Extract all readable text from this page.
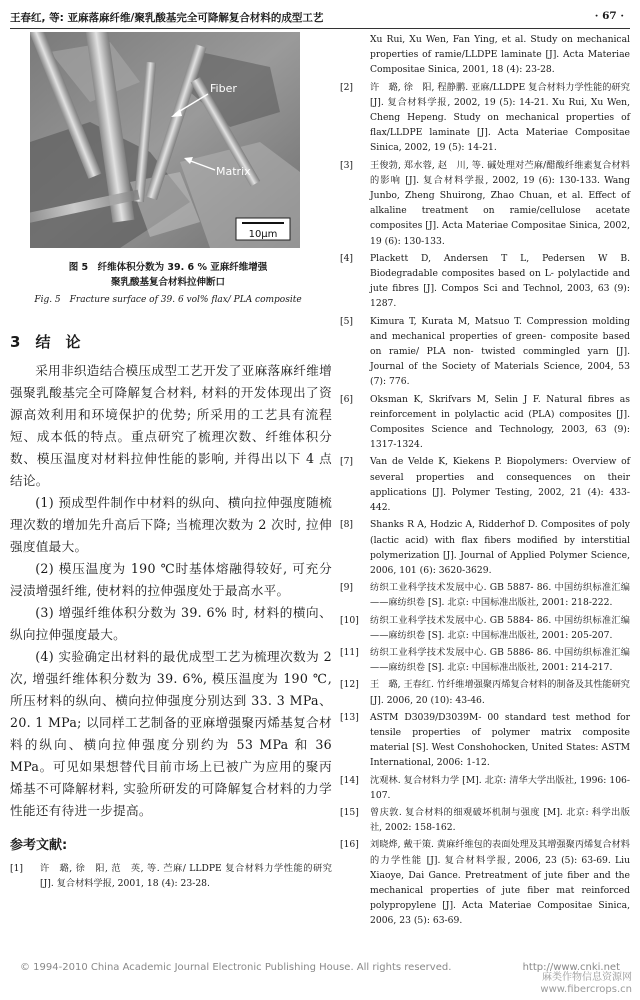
王春红, 等: 亚麻落麻纤维/聚乳酸基完全可降解复合材料的成型工艺	· 67 ·
Fiber
Matrix
10μm
图 5　纤维体积分数为 39. 6 % 亚麻纤维增强
聚乳酸基复合材料拉伸断口
Fig. 5　Fracture surface of 39. 6 vol% flax/ PLA composite
3　 结　论

采用非织造结合模压成型工艺开发了亚麻落麻纤维增强聚乳酸基完全可降解复合材料, 材料的开发体现出了资源高效利用和环境保护的优势; 所采用的工艺具有流程短、成本低的特点。重点研究了梳理次数、纤维体积分数、模压温度对材料拉伸性能的影响, 并得出以下 4 点结论。

(1) 预成型件制作中材料的纵向、横向拉伸强度随梳理次数的增加先升高后下降; 当梳理次数为 2 次时, 拉伸强度值最大。

(2) 模压温度为 190 ℃时基体熔融得较好, 可充分浸渍增强纤维, 使材料的拉伸强度处于最高水平。

(3) 增强纤维体积分数为 39. 6% 时, 材料的横向、纵向拉伸强度最大。

(4) 实验确定出材料的最优成型工艺为梳理次数为 2 次, 增强纤维体积分数为 39. 6%, 模压温度为 190 ℃, 所压材料的纵向、横向拉伸强度分别达到 33. 3 MPa、20. 1 MPa; 以同样工艺制备的亚麻增强聚丙烯基复合材料的纵向、横向拉伸强度分别约为 53 MPa 和 36 MPa。可见如果想替代目前市场上已被广为应用的聚丙烯基不可降解材料, 实验所研发的可降解复合材料的力学性能还有待进一步提高。

参考文献:
[1]	许　璐, 徐　阳, 范　英, 等. 苎麻/ LLDPE 复合材料力学性能的研究 [J]. 复合材料学报, 2001, 18 (4): 23-28.
Xu Rui, Xu Wen, Fan Ying, et al. Study on mechanical properties of ramie/LLDPE laminate [J]. Acta Materiae Compositae Sinica, 2001, 18 (4): 23-28.
[2]	许　璐, 徐　阳, 程静鹏. 亚麻/LLDPE 复合材料力学性能的研究[J]. 复合材料学报, 2002, 19 (5): 14-21. Xu Rui, Xu Wen, Cheng Hepeng. Study on mechanical properties of flax/LLDPE laminate [J]. Acta Materiae Compositae Sinica, 2002, 19 (5): 14-21.
[3]	王俊勃, 郑水蓉, 赵　川, 等. 碱处理对苎麻/醋酸纤维素复合材料的影响 [J]. 复合材料学报, 2002, 19 (6): 130-133. Wang Junbo, Zheng Shuirong, Zhao Chuan, et al. Effect of alkaline treatment on ramie/cellulose acetate composites [J]. Acta Materiae Compositae Sinica, 2002, 19 (6): 130-133.
[4]	Plackett D, Andersen T L, Pedersen W B. Biodegradable composites based on L- polylactide and jute fibres [J]. Compos Sci and Technol, 2003, 63 (9): 1287.
[5]	Kimura T, Kurata M, Matsuo T. Compression molding and mechanical properties of green- composite based on ramie/ PLA non- twisted commingled yarn [J]. Journal of the Society of Materials Science, 2004, 53 (7): 776.
[6]	Oksman K, Skrifvars M, Selin J F. Natural fibres as reinforcement in polylactic acid (PLA) composites [J]. Composites Science and Technology, 2003, 63 (9): 1317-1324.
[7]	Van de Velde K, Kiekens P. Biopolymers: Overview of several properties and consequences on their applications [J]. Polymer Testing, 2002, 21 (4): 433-442.
[8]	Shanks R A, Hodzic A, Ridderhof D. Composites of poly (lactic acid) with flax fibers modified by interstitial polymerization [J]. Journal of Applied Polymer Science, 2006, 101 (6): 3620-3629.
[9]	纺织工业科学技术发展中心. GB 5887- 86. 中国纺织标准汇编——麻纺织卷 [S]. 北京: 中国标准出版社, 2001: 218-222.
[10]	纺织工业科学技术发展中心. GB 5884- 86. 中国纺织标准汇编——麻纺织卷 [S]. 北京: 中国标准出版社, 2001: 205-207.
[11]	纺织工业科学技术发展中心. GB 5886- 86. 中国纺织标准汇编——麻纺织卷 [S]. 北京: 中国标准出版社, 2001: 214-217.
[12]	王　璐, 王春红. 竹纤维增强聚丙烯复合材料的制备及其性能研究 [J]. 2006, 20 (10): 43-46.
[13]	ASTM D3039/D3039M- 00 standard test method for tensile properties of polymer matrix composite material [S]. West Conshohocken, United States: ASTM International, 2006: 1-12.
[14]	沈观林. 复合材料力学 [M]. 北京: 清华大学出版社, 1996: 106-107.
[15]	曾庆敦. 复合材料的细观破坏机制与强度 [M]. 北京: 科学出版社, 2002: 158-162.
[16]	刘晓烨, 戴干策. 黄麻纤维包的表面处理及其增强聚丙烯复合材料的力学性能 [J]. 复合材料学报, 2006, 23 (5): 63-69. Liu Xiaoye, Dai Gance. Pretreatment of jute fiber and the mechanical properties of jute fiber mat reinforced polypropylene [J]. Acta Materiae Compositae Sinica, 2006, 23 (5): 63-69.
© 1994-2010 China Academic Journal Electronic Publishing House. All rights reserved.	http://www.cnki.net
麻类作物信息资源网
www.fibercrops.cn
